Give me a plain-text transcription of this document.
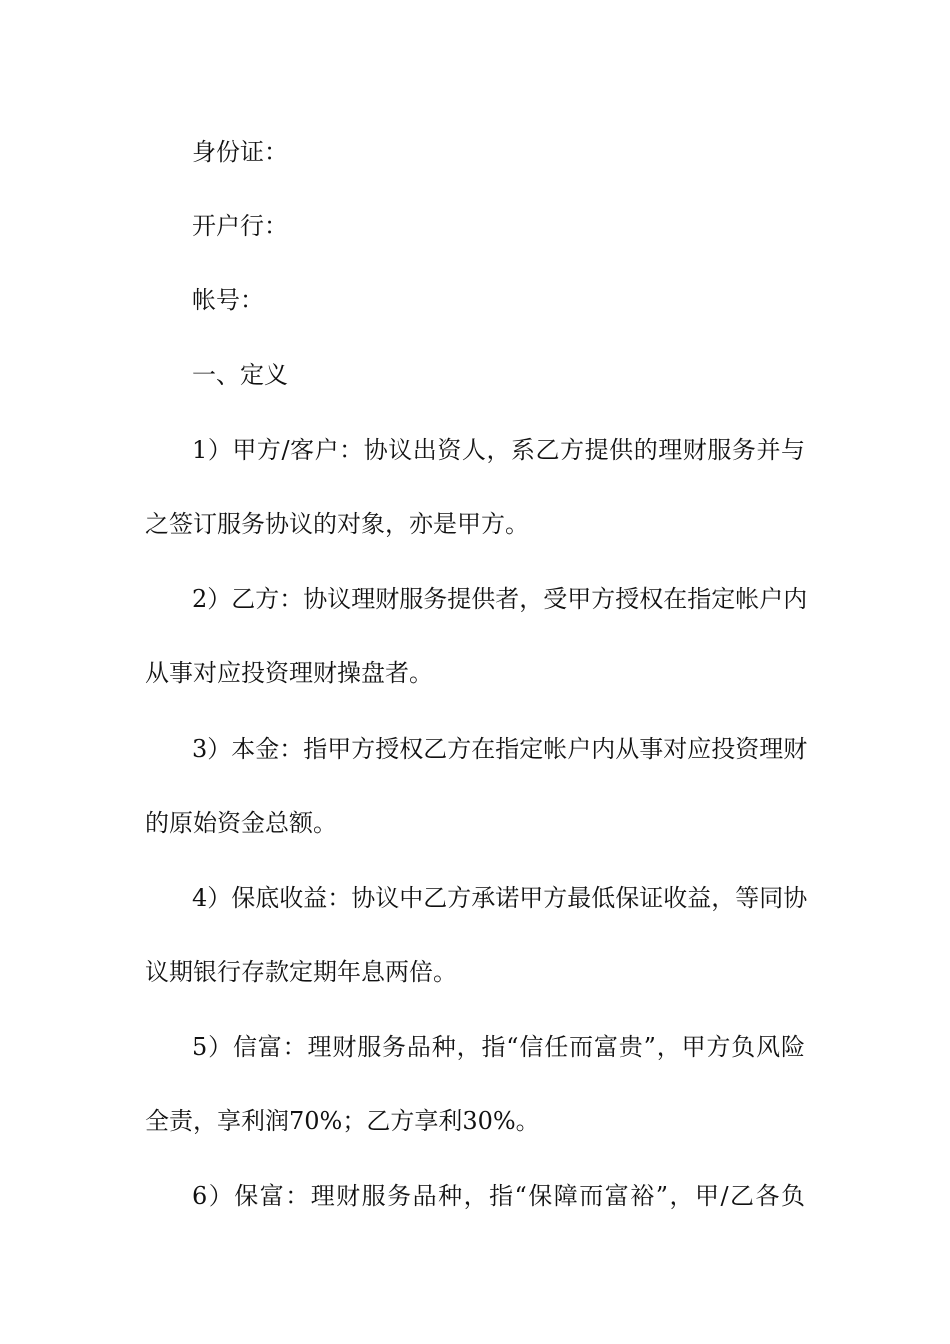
身份证：
开户行：
帐号：
一、定义
1）甲方/客户：协议出资人，系乙方提供的理财服务并与
之签订服务协议的对象，亦是甲方。
2）乙方：协议理财服务提供者，受甲方授权在指定帐户内
从事对应投资理财操盘者。
3）本金：指甲方授权乙方在指定帐户内从事对应投资理财
的原始资金总额。
4）保底收益：协议中乙方承诺甲方最低保证收益，等同协
议期银行存款定期年息两倍。
5）信富：理财服务品种，指“信任而富贵”，甲方负风险
全责，享利润70%；乙方享利30%。
6）保富：理财服务品种，指“保障而富裕”，甲/乙各负
